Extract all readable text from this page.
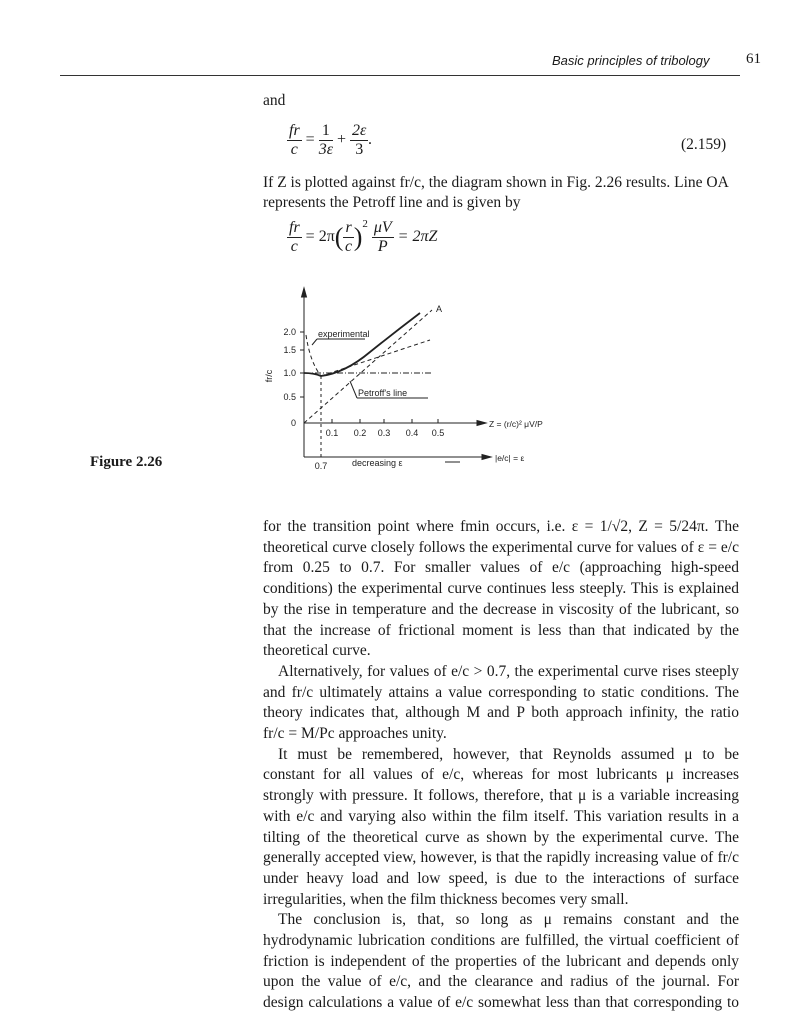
Basic principles of tribology 61
and
$\frac{fr}{c} = \frac{1}{3\varepsilon} + \frac{2\varepsilon}{3}$ .	(2.159)
If Z is plotted against fr/c, the diagram shown in Fig. 2.26 results. Line OA
represents the Petroff line and is given by
$\frac{fr}{c} = 2\pi( \frac{r}{c} )^2 \frac{\mu V}{P} = 2\pi Z$
2.0
1.5
1.0
0.5
0
0.1 0.2 0.3 0.4 0.5
Z = (r/c)² μV/P
A
experimental
Petroff's line
|e/c| = ε
0.7	decreasing ε
fr/c
Figure 2.26
for the transition point where fmin occurs, i.e. ε = 1/√2, Z = 5/24π. The
theoretical curve closely follows the experimental curve for values of ε = e/c
from 0.25 to 0.7. For smaller values of e/c (approaching high-speed
conditions) the experimental curve continues less steeply. This is explained
by the rise in temperature and the decrease in viscosity of the lubricant, so
that the increase of frictional moment is less than that indicated by the
theoretical curve.
Alternatively, for values of e/c > 0.7, the experimental curve rises steeply
and fr/c ultimately attains a value corresponding to static conditions. The
theory indicates that, although M and P both approach infinity, the ratio
fr/c = M/Pc approaches unity.
It must be remembered, however, that Reynolds assumed μ to be
constant for all values of e/c, whereas for most lubricants μ increases
strongly with pressure. It follows, therefore, that μ is a variable increasing
with e/c and varying also within the film itself. This variation results in a
tilting of the theoretical curve as shown by the experimental curve. The
generally accepted view, however, is that the rapidly increasing value of fr/c
under heavy load and low speed, is due to the interactions of surface
irregularities, when the film thickness becomes very small.
The conclusion is, that, so long as μ remains constant and the
hydrodynamic lubrication conditions are fulfilled, the virtual coefficient of
friction is independent of the properties of the lubricant and depends only
upon the value of e/c, and the clearance and radius of the journal. For
design calculations a value of e/c somewhat less than that corresponding to
